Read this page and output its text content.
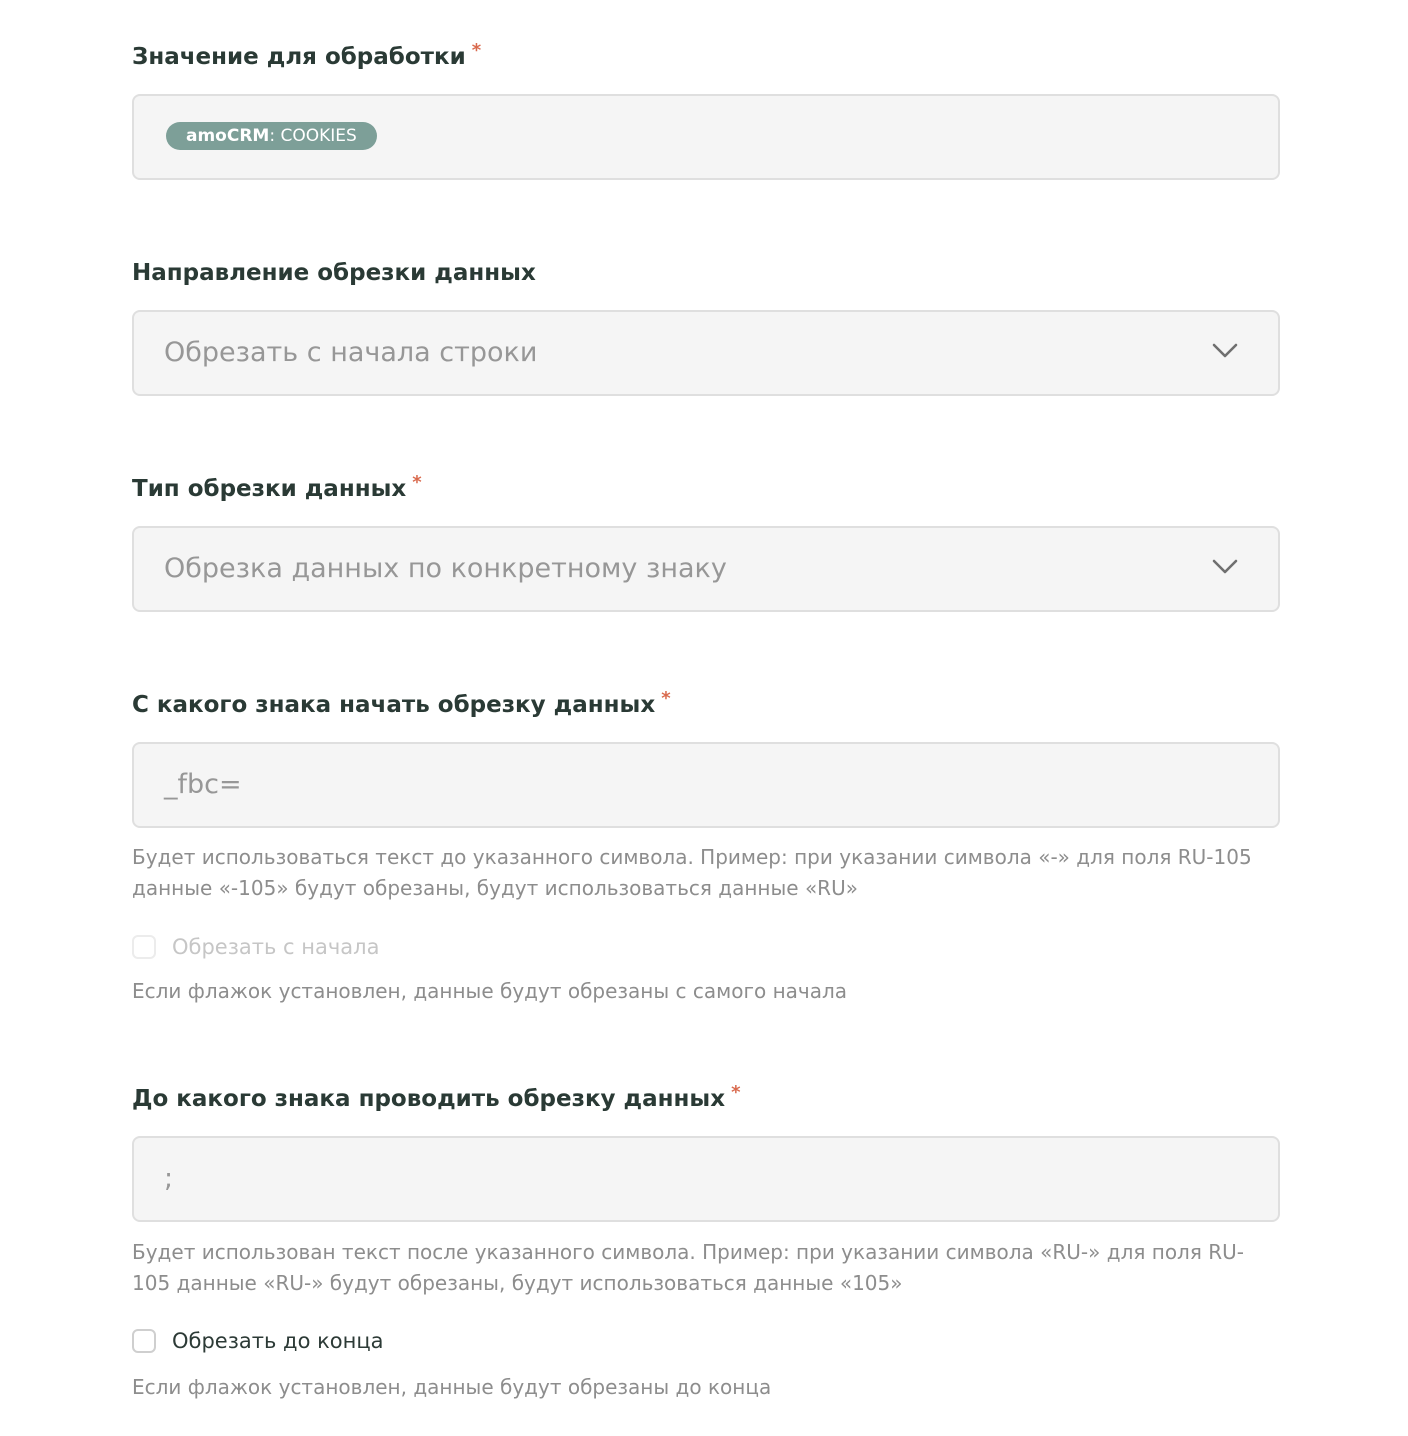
Значение для обработки *
amoCRM: COOKIES
Направление обрезки данных
Обрезать с начала строки
Тип обрезки данных *
Обрезка данных по конкретному знаку
С какого знака начать обрезку данных *
_fbc=
Будет использоваться текст до указанного символа. Пример: при указании символа «-» для поля RU-105 данные «-105» будут обрезаны, будут использоваться данные «RU»
Обрезать с начала
Если флажок установлен, данные будут обрезаны с самого начала
До какого знака проводить обрезку данных *
;
Будет использован текст после указанного символа. Пример: при указании символа «RU-» для поля RU-105 данные «RU-» будут обрезаны, будут использоваться данные «105»
Обрезать до конца
Если флажок установлен, данные будут обрезаны до конца
